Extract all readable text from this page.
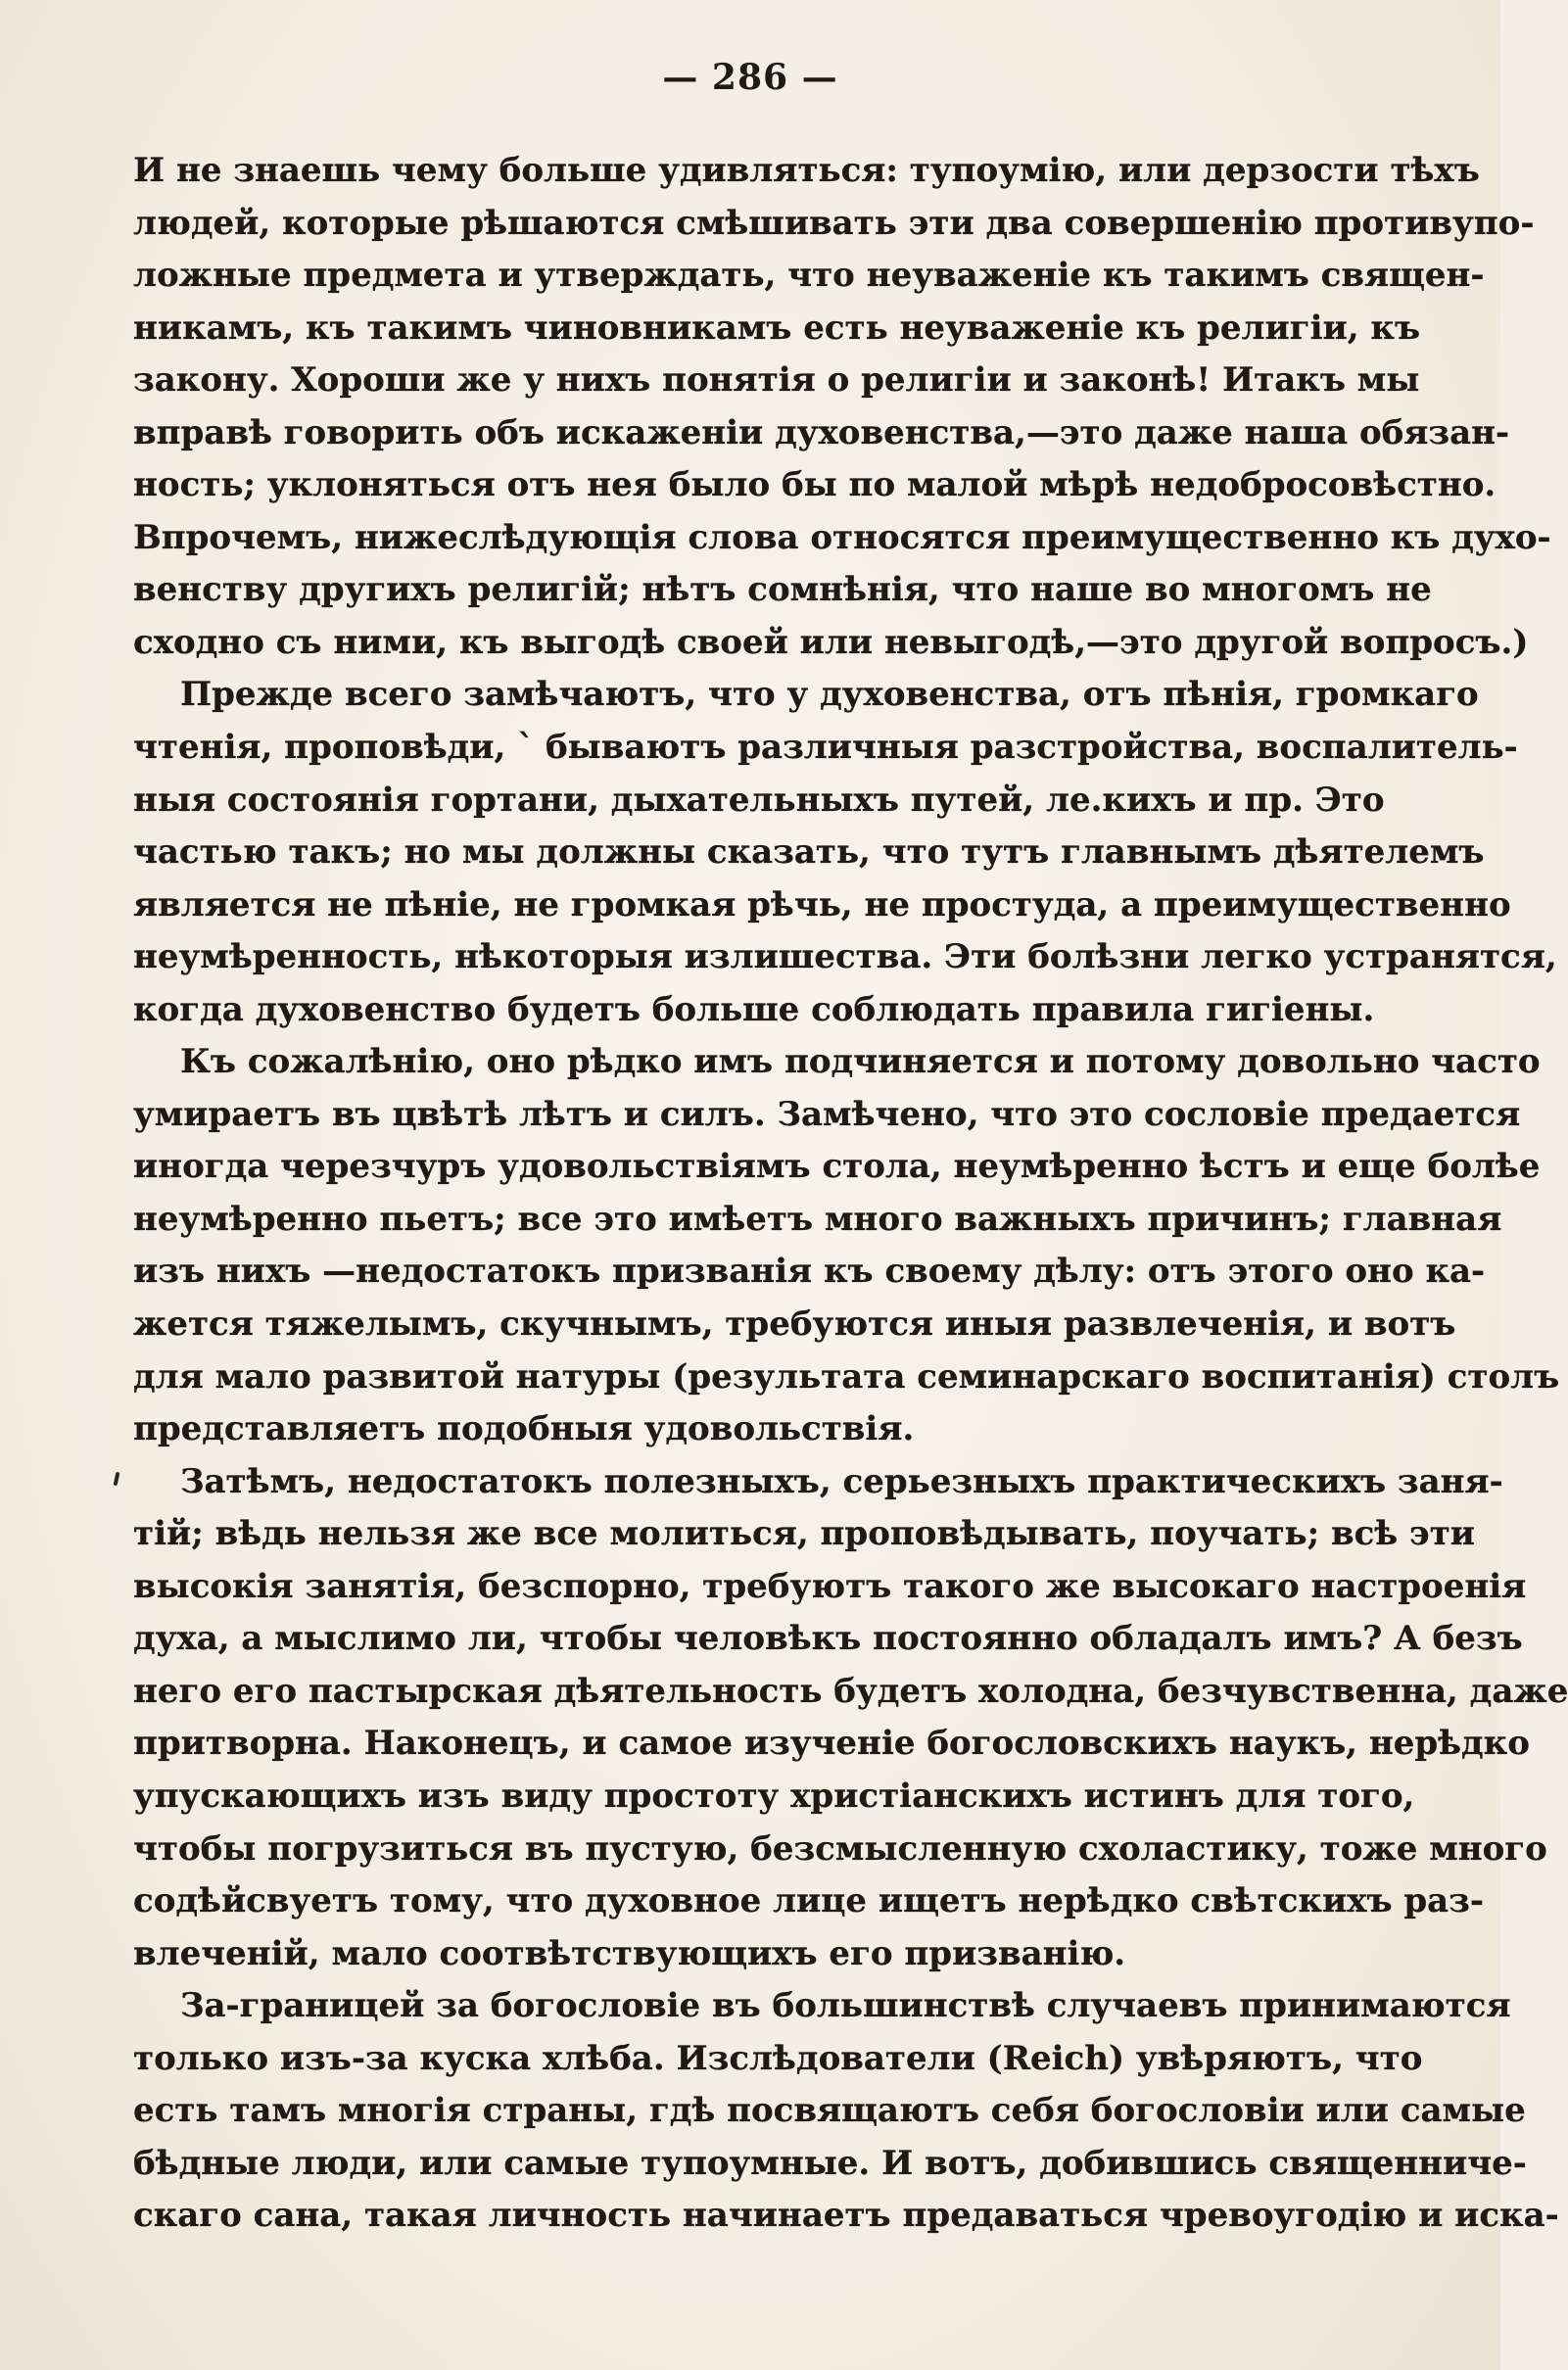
— 286 —
И не знаешь чему больше удивляться: тупоумію, или дерзости тѣхъ
людей, которые рѣшаются смѣшивать эти два совершенію противупо-
ложные предмета и утверждать, что неуваженіе къ такимъ священ-
никамъ, къ такимъ чиновникамъ есть неуваженіе къ религіи, къ
закону. Хороши же у нихъ понятія о религіи и законѣ! Итакъ мы
вправѣ говорить объ искаженіи духовенства,—это даже наша обязан-
ность; уклоняться отъ нея было бы по малой мѣрѣ недобросовѣстно.
Впрочемъ, нижеслѣдующія слова относятся преимущественно къ духо-
венству другихъ религій; нѣтъ сомнѣнія, что наше во многомъ не
сходно съ ними, къ выгодѣ своей или невыгодѣ,—это другой вопросъ.)
Прежде всего замѣчаютъ, что у духовенства, отъ пѣнія, громкаго
чтенія, проповѣди, ` бываютъ различныя разстройства, воспалитель-
ныя состоянія гортани, дыхательныхъ путей, ле.кихъ и пр. Это
частью такъ; но мы должны сказать, что тутъ главнымъ дѣятелемъ
является не пѣніе, не громкая рѣчь, не простуда, а преимущественно
неумѣренность, нѣкоторыя излишества. Эти болѣзни легко устранятся,
когда духовенство будетъ больше соблюдать правила гигіены.
Къ сожалѣнію, оно рѣдко имъ подчиняется и потому довольно часто
умираетъ въ цвѣтѣ лѣтъ и силъ. Замѣчено, что это сословіе предается
иногда черезчуръ удовольствіямъ стола, неумѣренно ѣстъ и еще болѣе
неумѣренно пьетъ; все это имѣетъ много важныхъ причинъ; главная
изъ нихъ —недостатокъ призванія къ своему дѣлу: отъ этого оно ка-
жется тяжелымъ, скучнымъ, требуются иныя развлеченія, и вотъ
для мало развитой натуры (результата семинарскаго воспитанія) столъ
представляетъ подобныя удовольствія.
Затѣмъ, недостатокъ полезныхъ, серьезныхъ практическихъ заня-
тій; вѣдь нельзя же все молиться, проповѣдывать, поучать; всѣ эти
высокія занятія, безспорно, требуютъ такого же высокаго настроенія
духа, а мыслимо ли, чтобы человѣкъ постоянно обладалъ имъ? А безъ
него его пастырская дѣятельность будетъ холодна, безчувственна, даже
притворна. Наконецъ, и самое изученіе богословскихъ наукъ, нерѣдко
упускающихъ изъ виду простоту христіанскихъ истинъ для того,
чтобы погрузиться въ пустую, безсмысленную схоластику, тоже много
содѣйсвуетъ тому, что духовное лице ищетъ нерѣдко свѣтскихъ раз-
влеченій, мало соотвѣтствующихъ его призванію.
За-границей за богословіе въ большинствѣ случаевъ принимаются
только изъ-за куска хлѣба. Изслѣдователи (Reich) увѣряютъ, что
есть тамъ многія страны, гдѣ посвящаютъ себя богословіи или самые
бѣдные люди, или самые тупоумные. И вотъ, добившись священниче-
скаго сана, такая личность начинаетъ предаваться чревоугодію и иска-
